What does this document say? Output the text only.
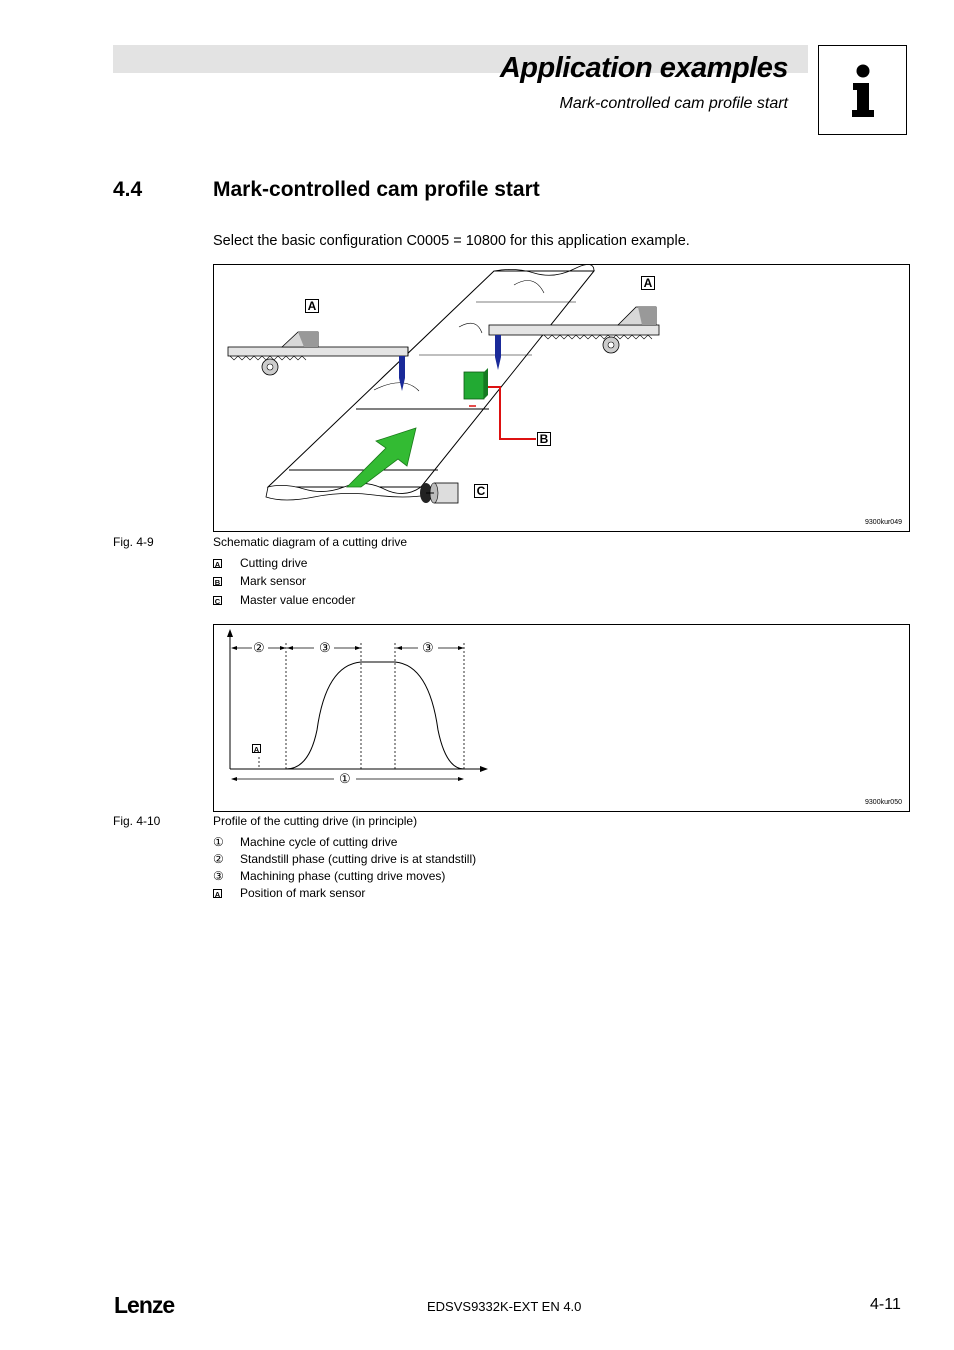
Application examples
Mark-controlled cam profile start
4.4	Mark-controlled cam profile start
Select the basic configuration C0005 = 10800 for this application example.
A
A
B
C
9300kur049
Fig. 4-9	Schematic diagram of a cutting drive
A Cutting drive
B Mark sensor
C Master value encoder
②	③	③
①
A
9300kur050
Fig. 4-10	Profile of the cutting drive (in principle)
① Machine cycle of cutting drive
② Standstill phase (cutting drive is at standstill)
③ Machining phase (cutting drive moves)
A Position of mark sensor
Lenze	EDSVS9332K-EXT EN 4.0	4-11
